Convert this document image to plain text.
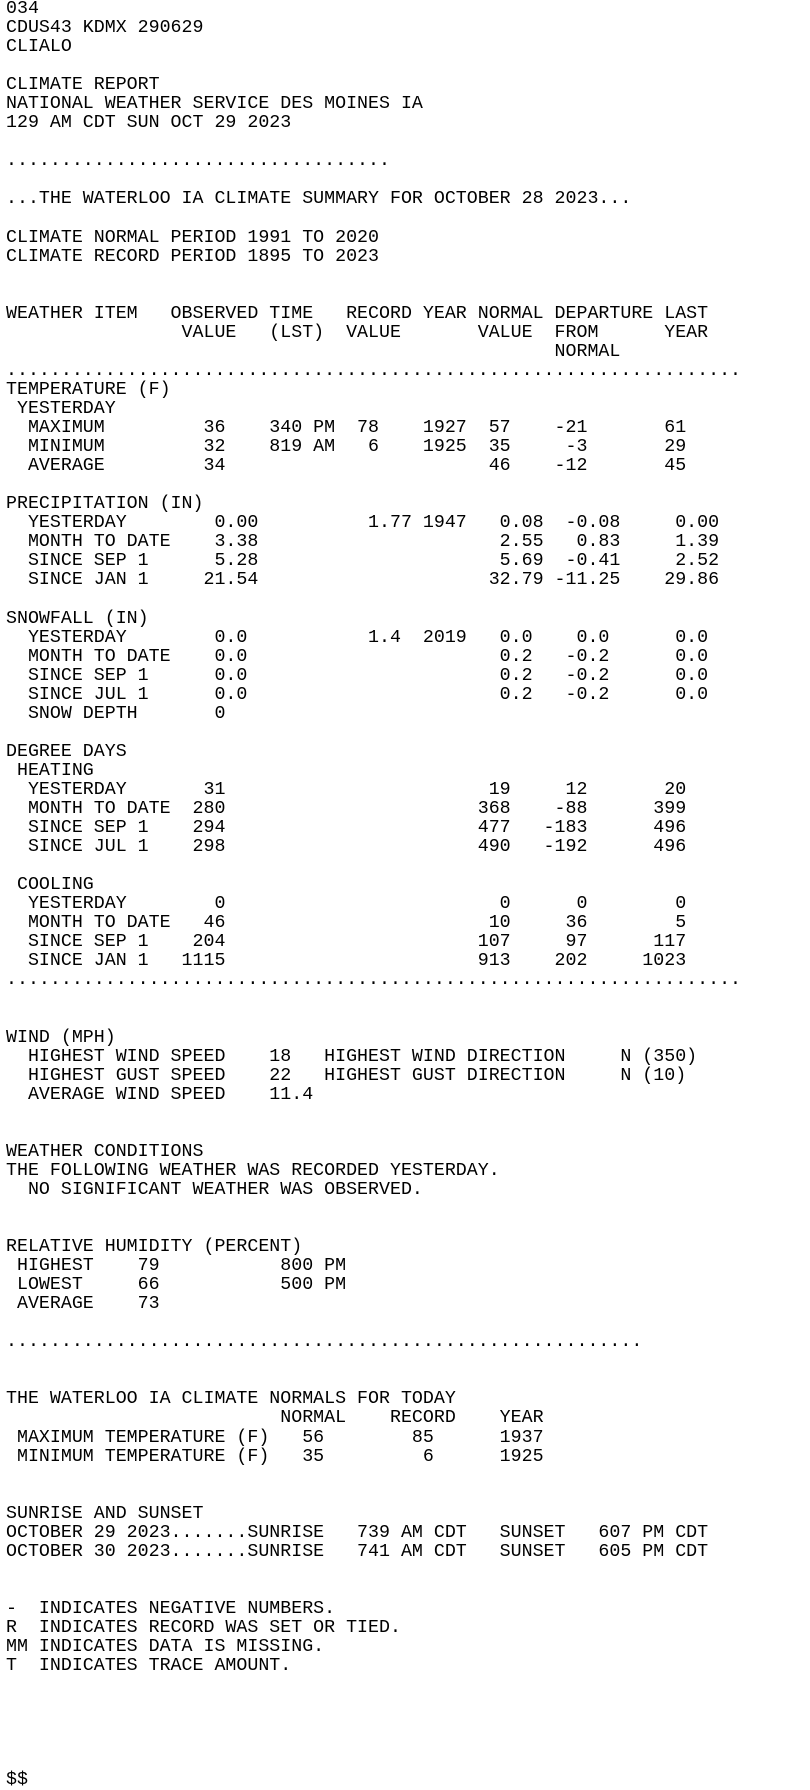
034
CDUS43 KDMX 290629
CLIALO
CLIMATE REPORT
NATIONAL WEATHER SERVICE DES MOINES IA
129 AM CDT SUN OCT 29 2023
...................................
...THE WATERLOO IA CLIMATE SUMMARY FOR OCTOBER 28 2023...
CLIMATE NORMAL PERIOD 1991 TO 2020
CLIMATE RECORD PERIOD 1895 TO 2023
WEATHER ITEM   OBSERVED TIME   RECORD YEAR NORMAL DEPARTURE LAST
VALUE   (LST)  VALUE       VALUE  FROM      YEAR
NORMAL
...................................................................
TEMPERATURE (F)
YESTERDAY
MAXIMUM         36    340 PM  78    1927  57    -21       61
MINIMUM         32    819 AM   6    1925  35     -3       29
AVERAGE         34                        46    -12       45
PRECIPITATION (IN)
YESTERDAY        0.00          1.77 1947   0.08  -0.08     0.00
MONTH TO DATE    3.38                      2.55   0.83     1.39
SINCE SEP 1      5.28                      5.69  -0.41     2.52
SINCE JAN 1     21.54                     32.79 -11.25    29.86
SNOWFALL (IN)
YESTERDAY        0.0           1.4  2019   0.0    0.0      0.0
MONTH TO DATE    0.0                       0.2   -0.2      0.0
SINCE SEP 1      0.0                       0.2   -0.2      0.0
SINCE JUL 1      0.0                       0.2   -0.2      0.0
SNOW DEPTH       0
DEGREE DAYS
HEATING
YESTERDAY       31                        19     12       20
MONTH TO DATE  280                       368    -88      399
SINCE SEP 1    294                       477   -183      496
SINCE JUL 1    298                       490   -192      496
COOLING
YESTERDAY        0                         0      0        0
MONTH TO DATE   46                        10     36        5
SINCE SEP 1    204                       107     97      117
SINCE JAN 1   1115                       913    202     1023
...................................................................
WIND (MPH)
HIGHEST WIND SPEED    18   HIGHEST WIND DIRECTION     N (350)
HIGHEST GUST SPEED    22   HIGHEST GUST DIRECTION     N (10)
AVERAGE WIND SPEED    11.4
WEATHER CONDITIONS
THE FOLLOWING WEATHER WAS RECORDED YESTERDAY.
NO SIGNIFICANT WEATHER WAS OBSERVED.
RELATIVE HUMIDITY (PERCENT)
HIGHEST    79           800 PM
LOWEST     66           500 PM
AVERAGE    73
..........................................................
THE WATERLOO IA CLIMATE NORMALS FOR TODAY
NORMAL    RECORD    YEAR
MAXIMUM TEMPERATURE (F)   56        85      1937
MINIMUM TEMPERATURE (F)   35         6      1925
SUNRISE AND SUNSET
OCTOBER 29 2023.......SUNRISE   739 AM CDT   SUNSET   607 PM CDT
OCTOBER 30 2023.......SUNRISE   741 AM CDT   SUNSET   605 PM CDT
-  INDICATES NEGATIVE NUMBERS.
R  INDICATES RECORD WAS SET OR TIED.
MM INDICATES DATA IS MISSING.
T  INDICATES TRACE AMOUNT.
$$
